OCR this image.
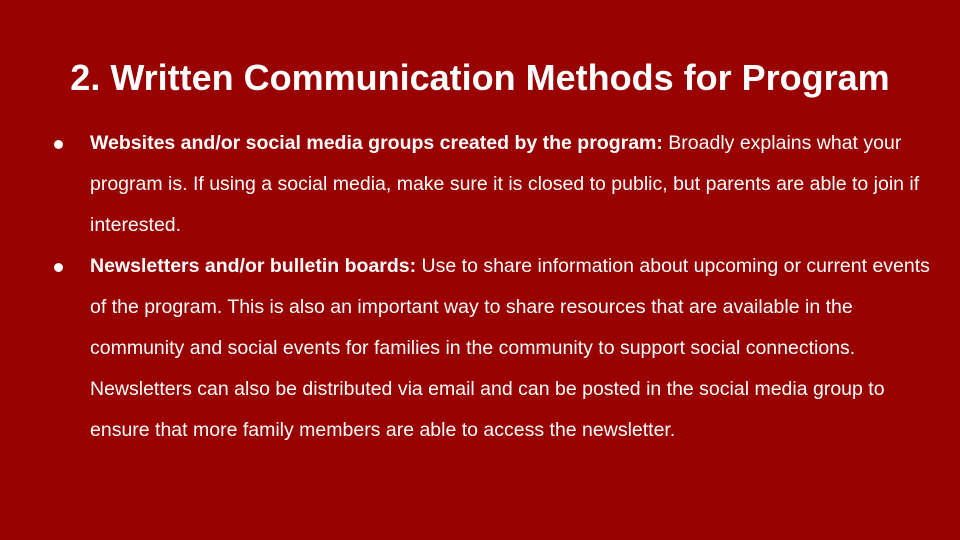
2. Written Communication Methods for Program
Websites and/or social media groups created by the program: Broadly explains what your program is. If using a social media, make sure it is closed to public, but parents are able to join if interested.
Newsletters and/or bulletin boards: Use to share information about upcoming or current events of the program. This is also an important way to share resources that are available in the community and social events for families in the community to support social connections. Newsletters can also be distributed via email and can be posted in the social media group to ensure that more family members are able to access the newsletter.
